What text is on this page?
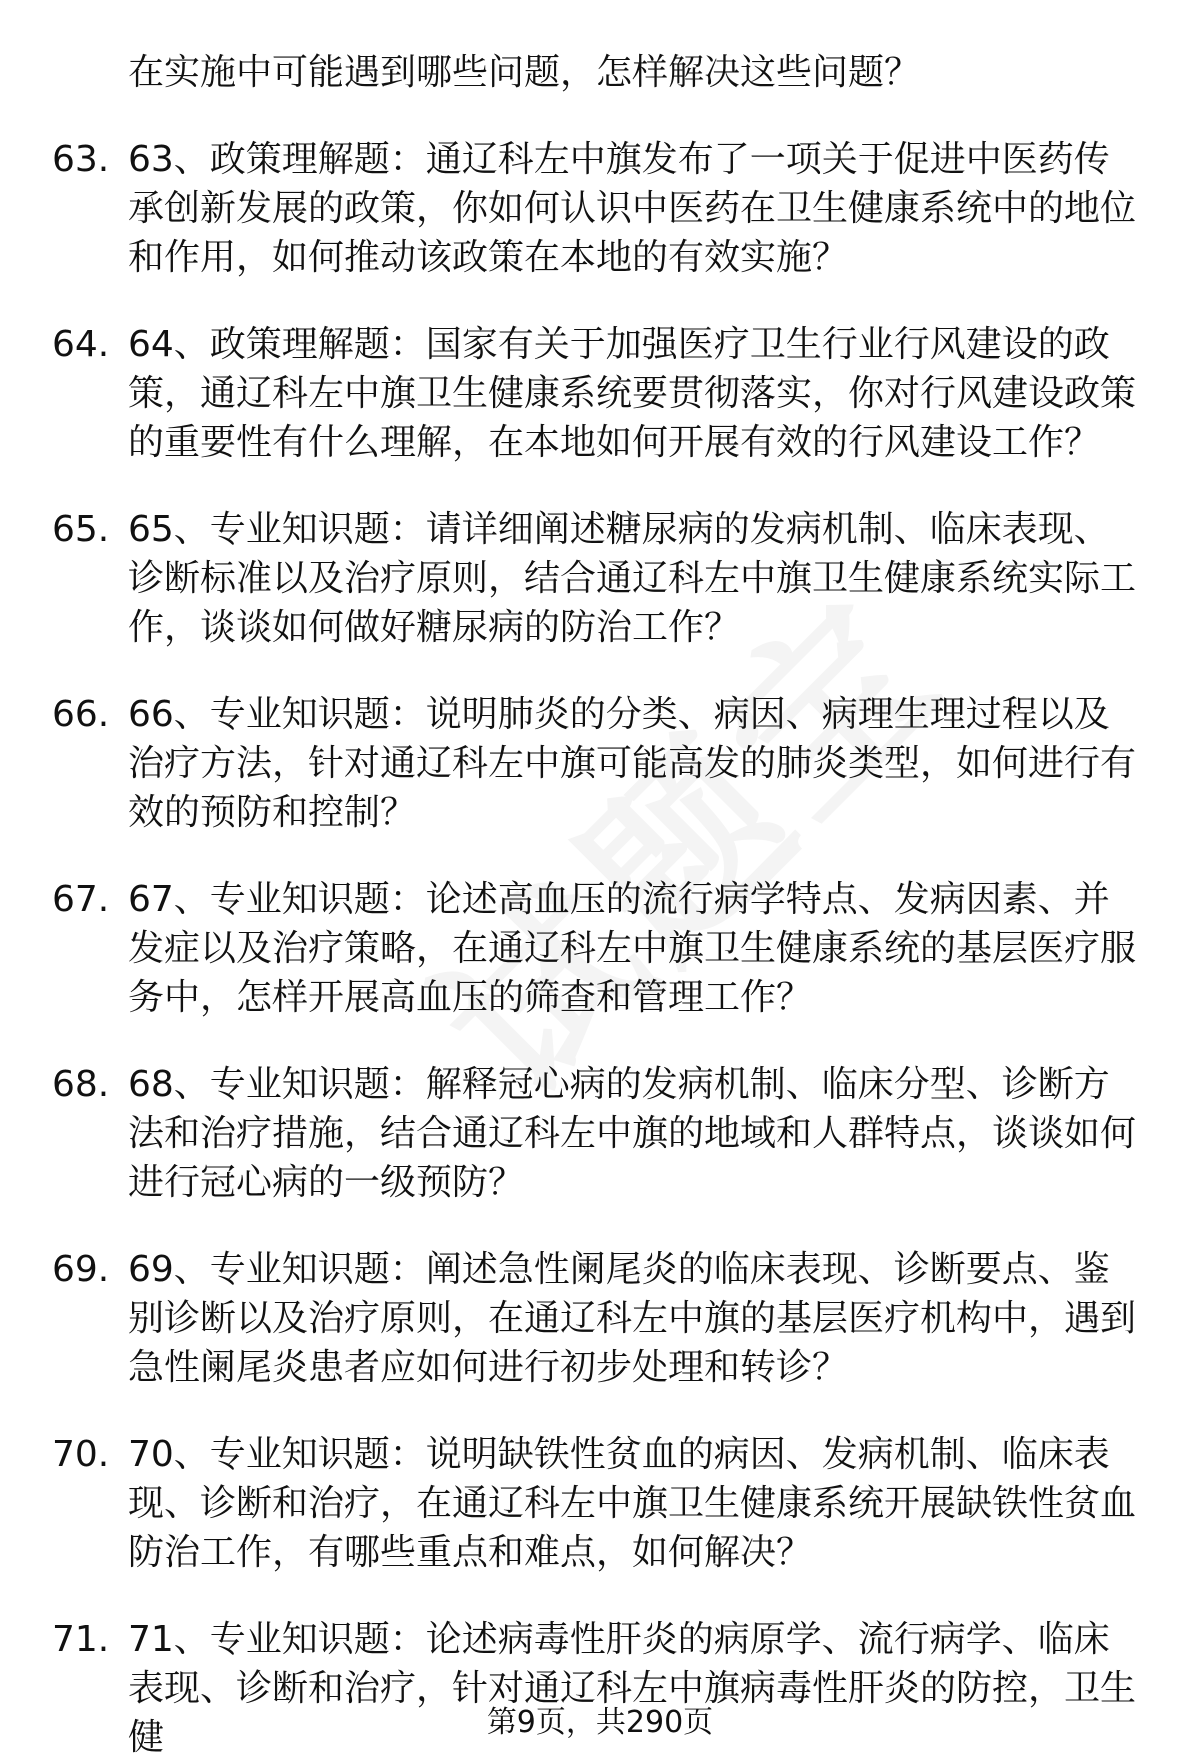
在实施中可能遇到哪些问题，怎样解决这些问题？
63. 63、政策理解题：通辽科左中旗发布了一项关于促进中医药传承创新发展的政策，你如何认识中医药在卫生健康系统中的地位和作用，如何推动该政策在本地的有效实施？
64. 64、政策理解题：国家有关于加强医疗卫生行业行风建设的政策，通辽科左中旗卫生健康系统要贯彻落实，你对行风建设政策的重要性有什么理解，在本地如何开展有效的行风建设工作？
65. 65、专业知识题：请详细阐述糖尿病的发病机制、临床表现、诊断标准以及治疗原则，结合通辽科左中旗卫生健康系统实际工作，谈谈如何做好糖尿病的防治工作？
66. 66、专业知识题：说明肺炎的分类、病因、病理生理过程以及治疗方法，针对通辽科左中旗可能高发的肺炎类型，如何进行有效的预防和控制？
67. 67、专业知识题：论述高血压的流行病学特点、发病因素、并发症以及治疗策略，在通辽科左中旗卫生健康系统的基层医疗服务中，怎样开展高血压的筛查和管理工作？
68. 68、专业知识题：解释冠心病的发病机制、临床分型、诊断方法和治疗措施，结合通辽科左中旗的地域和人群特点，谈谈如何进行冠心病的一级预防？
69. 69、专业知识题：阐述急性阑尾炎的临床表现、诊断要点、鉴别诊断以及治疗原则，在通辽科左中旗的基层医疗机构中，遇到急性阑尾炎患者应如何进行初步处理和转诊？
70. 70、专业知识题：说明缺铁性贫血的病因、发病机制、临床表现、诊断和治疗，在通辽科左中旗卫生健康系统开展缺铁性贫血防治工作，有哪些重点和难点，如何解决？
71. 71、专业知识题：论述病毒性肝炎的病原学、流行病学、临床表现、诊断和治疗，针对通辽科左中旗病毒性肝炎的防控，卫生健	第9页，共290页
